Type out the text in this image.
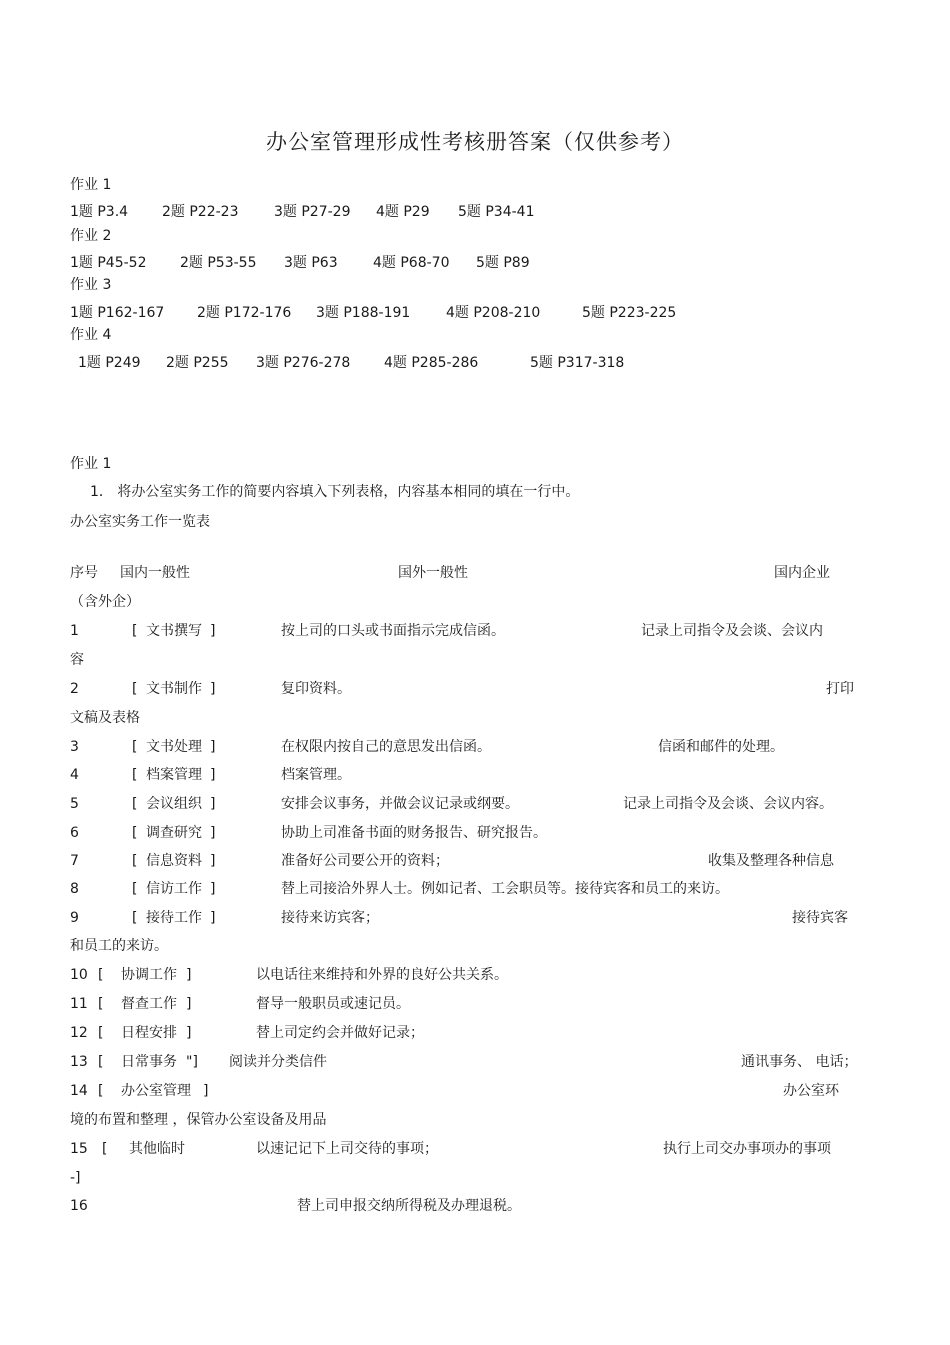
办公室管理形成性考核册答案（仅供参考）
作业 1
1题 P3.4 2题 P22-23	3题 P27-29 4题 P29 5题 P34-41
作业 2
1题 P45-52 2题 P53-55 3题 P63	4题 P68-70 5题 P89
作业 3
1题 P162-167 2题 P172-176 3题 P188-191	4题 P208-210	5题 P223-225
作业 4
1题 P249 2题 P255 3题 P276-278 4题 P285-286	5题 P317-318
作业 1
1． 将办公室实务工作的简要内容填入下列表格，内容基本相同的填在一行中。
办公室实务工作一览表
序号 国内一般性	国外一般性	国内企业
（含外企）
1	[ 文书撰写 ]	按上司的口头或书面指示完成信函。	记录上司指令及会谈、会议内
容
2	[ 文书制作 ]	复印资料。	打印
文稿及表格
3	[ 文书处理 ]	在权限内按自己的意思发出信函。	信函和邮件的处理。
4	[ 档案管理 ]	档案管理。
5	[ 会议组织 ]	安排会议事务，并做会议记录或纲要。	记录上司指令及会谈、会议内容。
6	[ 调查研究 ]	协助上司准备书面的财务报告、研究报告。
7	[ 信息资料 ]	准备好公司要公开的资料；	收集及整理各种信息
8	[ 信访工作 ]	替上司接洽外界人士。例如记者、工会职员等。接待宾客和员工的来访。
9	[ 接待工作 ]	接待来访宾客；	接待宾客
和员工的来访。
10 [ 协调工作 ]	以电话往来维持和外界的良好公共关系。
11 [ 督查工作 ]	督导一般职员或速记员。
12 [ 日程安排 ]	替上司定约会并做好记录；
13 [ 日常事务 "] 阅读并分类信件	通讯事务、 电话；
14 [ 办公室管理 ]	办公室环
境的布置和整理 ，保管办公室设备及用品
15 [ 其他临时	以速记记下上司交待的事项；	执行上司交办事项办的事项
-]
16	替上司申报交纳所得税及办理退税。
